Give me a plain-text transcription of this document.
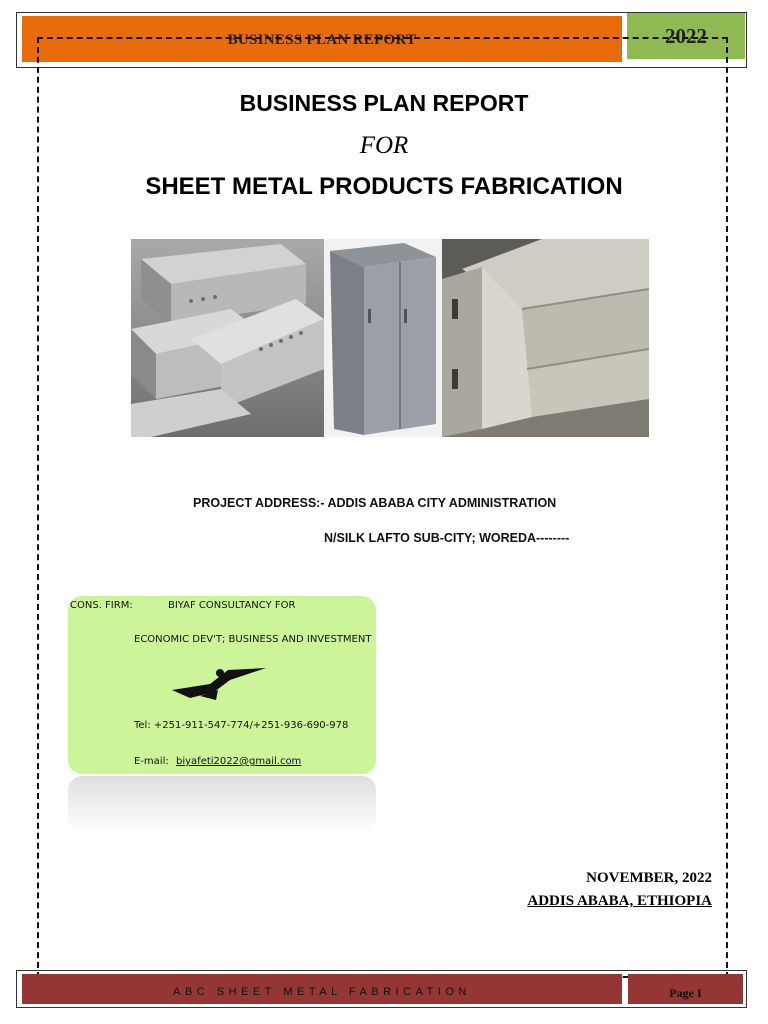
BUSINESS PLAN REPORT	2022
BUSINESS PLAN REPORT
FOR
SHEET METAL PRODUCTS FABRICATION
PROJECT ADDRESS:- ADDIS ABABA CITY ADMINISTRATION
N/SILK LAFTO SUB-CITY; WOREDA--------
CONS. FIRM:	BIYAF CONSULTANCY FOR
ECONOMIC DEV'T; BUSINESS AND INVESTMENT
Tel: +251-911-547-774/+251-936-690-978
E-mail: biyafeti2022@gmail.com
NOVEMBER, 2022
ADDIS ABABA, ETHIOPIA
ABC SHEET METAL FABRICATION	Page I
